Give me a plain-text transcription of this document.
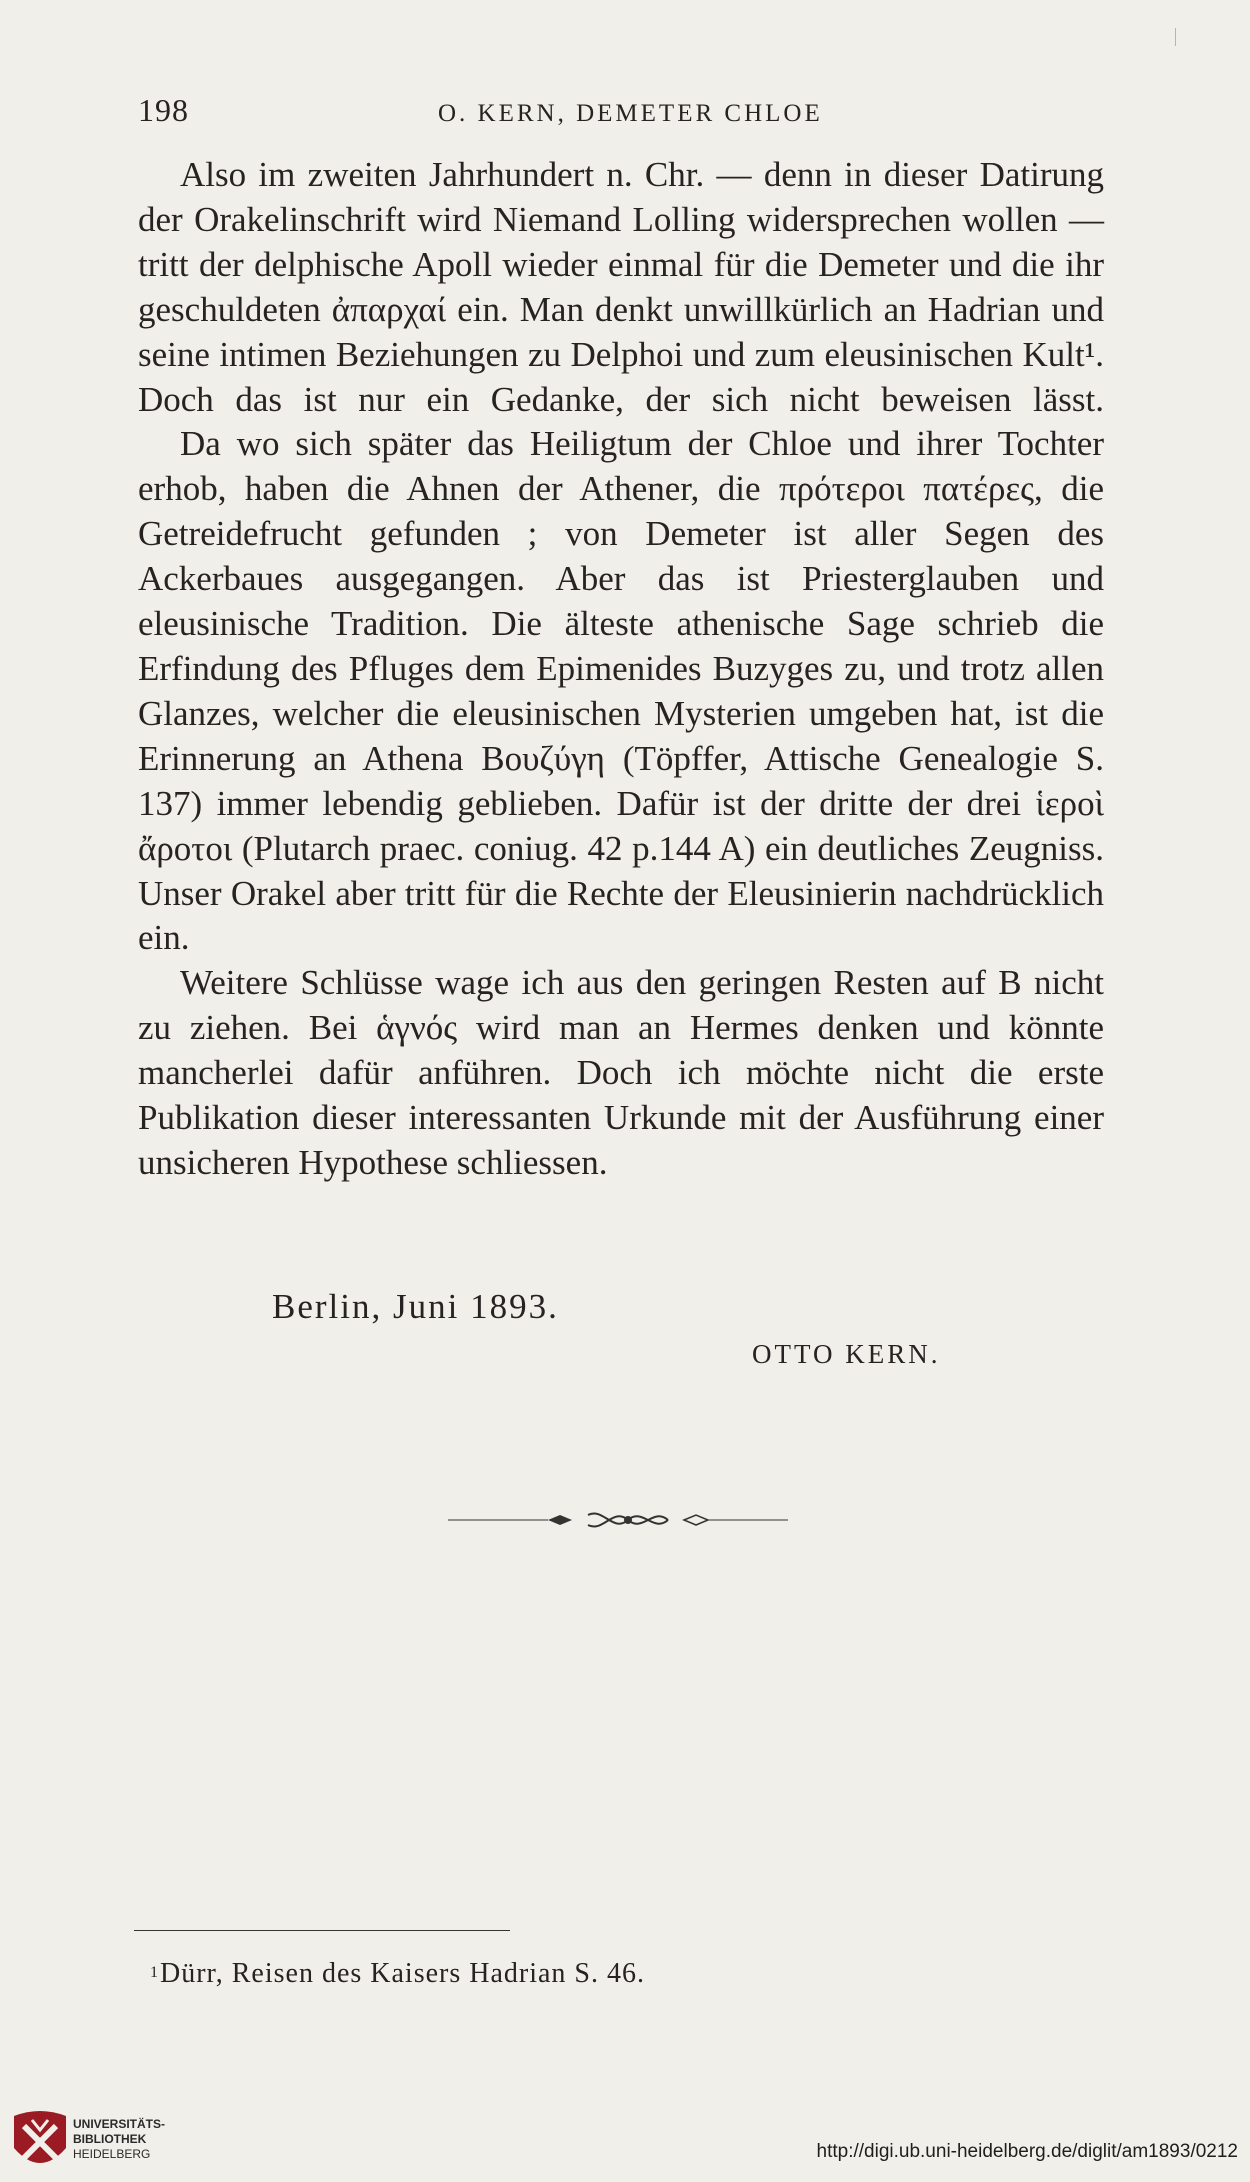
198	O. KERN, DEMETER CHLOE

Also im zweiten Jahrhundert n. Chr. — denn in dieser Datirung der Orakelinschrift wird Niemand Lolling widersprechen wollen — tritt der delphische Apoll wieder einmal für die Demeter und die ihr geschuldeten ἀπαρχαί ein. Man denkt unwillkürlich an Hadrian und seine intimen Beziehungen zu Delphoi und zum eleusinischen Kult¹. Doch das ist nur ein Gedanke, der sich nicht beweisen lässt.

Da wo sich später das Heiligtum der Chloe und ihrer Tochter erhob, haben die Ahnen der Athener, die πρότεροι πατέρες, die Getreidefrucht gefunden ; von Demeter ist aller Segen des Ackerbaues ausgegangen. Aber das ist Priesterglauben und eleusinische Tradition. Die älteste athenische Sage schrieb die Erfindung des Pfluges dem Epimenides Buzyges zu, und trotz allen Glanzes, welcher die eleusinischen Mysterien umgeben hat, ist die Erinnerung an Athena Βουζύγη (Töpffer, Attische Genealogie S. 137) immer lebendig geblieben. Dafür ist der dritte der drei ἱεροὶ ἄροτοι (Plutarch praec. coniug. 42 p.144 A) ein deutliches Zeugniss. Unser Orakel aber tritt für die Rechte der Eleusinierin nachdrücklich ein.

Weitere Schlüsse wage ich aus den geringen Resten auf B nicht zu ziehen. Bei ἁγνός wird man an Hermes denken und könnte mancherlei dafür anführen. Doch ich möchte nicht die erste Publikation dieser interessanten Urkunde mit der Ausführung einer unsicheren Hypothese schliessen.

Berlin, Juni 1893.
OTTO KERN.
1 Dürr, Reisen des Kaisers Hadrian S. 46.
UNIVERSITÄTS-
BIBLIOTHEK
HEIDELBERG	http://digi.ub.uni-heidelberg.de/diglit/am1893/0212
